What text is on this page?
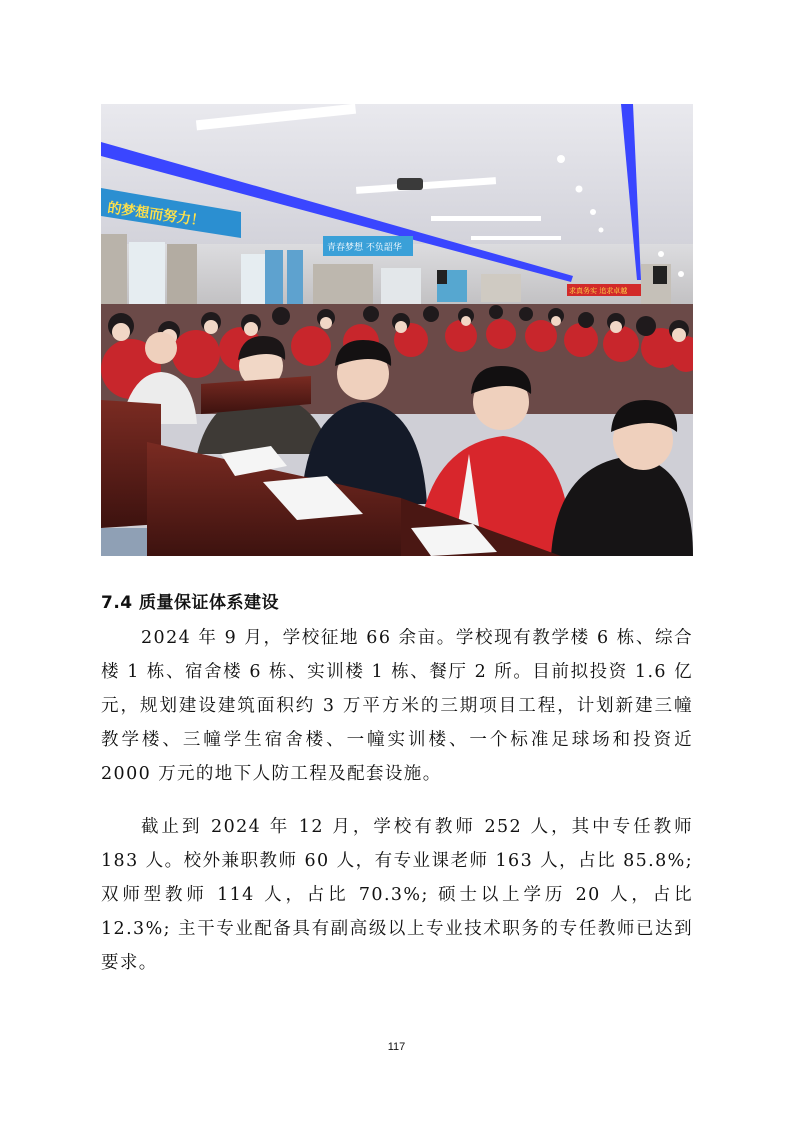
的梦想而努力！
青春梦想 不负韶华
求真务实 追求卓越
7.4 质量保证体系建设

2024 年 9 月，学校征地 66 余亩。学校现有教学楼 6 栋、综合楼 1 栋、宿舍楼 6 栋、实训楼 1 栋、餐厅 2 所。目前拟投资 1.6 亿元，规划建设建筑面积约 3 万平方米的三期项目工程，计划新建三幢教学楼、三幢学生宿舍楼、一幢实训楼、一个标准足球场和投资近 2000 万元的地下人防工程及配套设施。

截止到 2024 年 12 月，学校有教师 252 人，其中专任教师 183 人。校外兼职教师 60 人，有专业课老师 163 人，占比 85.8%; 双师型教师 114 人，占比 70.3%; 硕士以上学历 20 人，占比 12.3%; 主干专业配备具有副高级以上专业技术职务的专任教师已达到要求。

117
